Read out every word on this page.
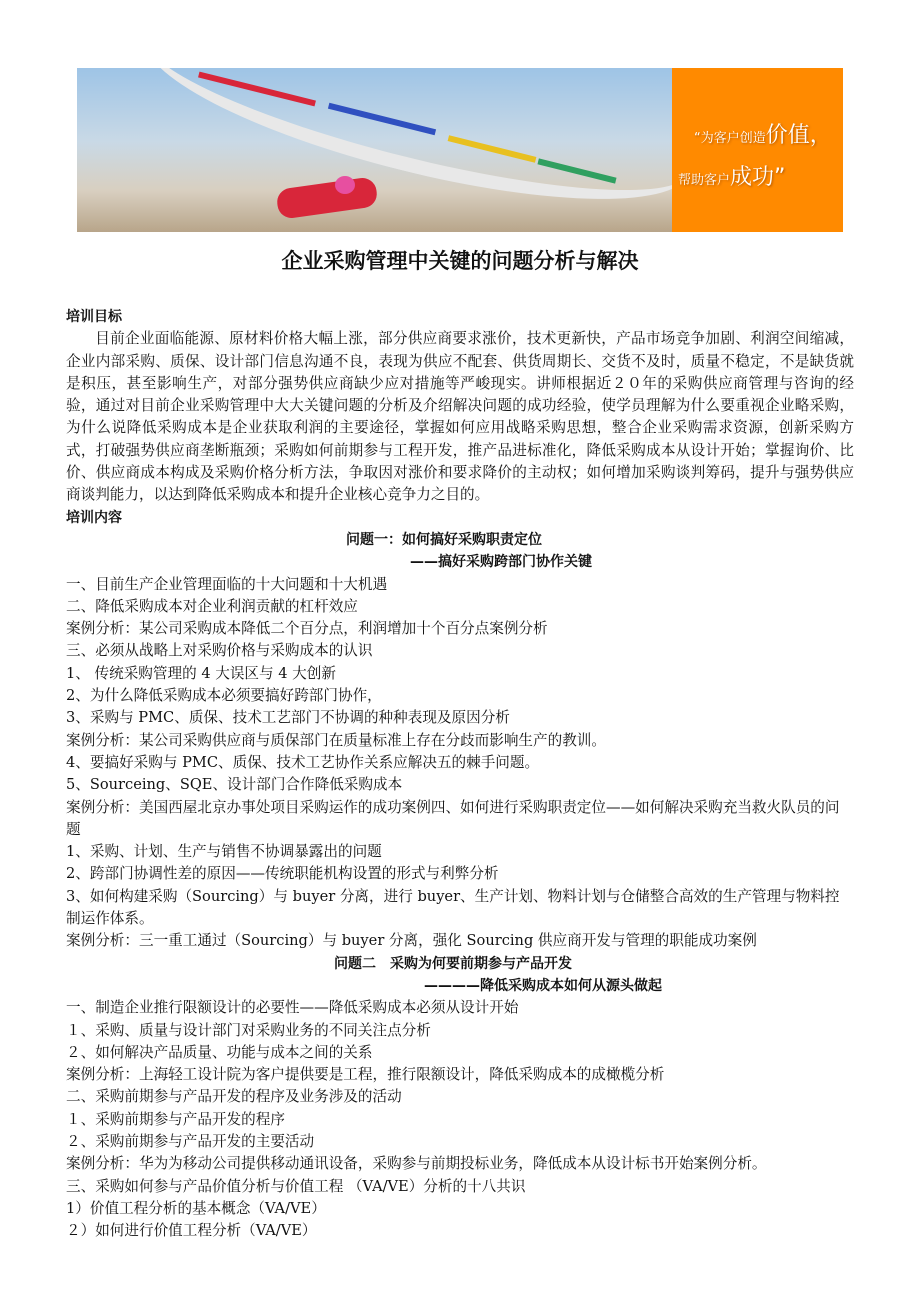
“为客户创造价值，
帮助客户成功”
企业采购管理中关键的问题分析与解决

培训目标

目前企业面临能源、原材料价格大幅上涨，部分供应商要求涨价，技术更新快，产品市场竞争加剧、利润空间缩减，企业内部采购、质保、设计部门信息沟通不良，表现为供应不配套、供货周期长、交货不及时，质量不稳定，不是缺货就是积压，甚至影响生产，对部分强势供应商缺少应对措施等严峻现实。讲师根据近２０年的采购供应商管理与咨询的经验，通过对目前企业采购管理中大大关键问题的分析及介绍解决问题的成功经验，使学员理解为什么要重视企业略采购，为什么说降低采购成本是企业获取利润的主要途径，掌握如何应用战略采购思想，整合企业采购需求资源，创新采购方式，打破强势供应商垄断瓶颈；采购如何前期参与工程开发，推产品进标准化，降低采购成本从设计开始；掌握询价、比价、供应商成本构成及采购价格分析方法，争取因对涨价和要求降价的主动权；如何增加采购谈判筹码，提升与强势供应商谈判能力，以达到降低采购成本和提升企业核心竞争力之目的。

培训内容

问题一：如何搞好采购职责定位

——搞好采购跨部门协作关键

一、目前生产企业管理面临的十大问题和十大机遇

二、降低采购成本对企业利润贡献的杠杆效应

案例分析：某公司采购成本降低二个百分点，利润增加十个百分点案例分析

三、必须从战略上对采购价格与采购成本的认识

1、 传统采购管理的 4 大误区与 4 大创新

2、为什么降低采购成本必须要搞好跨部门协作，

3、采购与 PMC、质保、技术工艺部门不协调的种种表现及原因分析

案例分析：某公司采购供应商与质保部门在质量标准上存在分歧而影响生产的教训。

4、要搞好采购与 PMC、质保、技术工艺协作关系应解决五的棘手问题。

5、Sourceing、SQE、设计部门合作降低采购成本

案例分析：美国西屋北京办事处项目采购运作的成功案例四、如何进行采购职责定位——如何解决采购充当救火队员的问题

1、采购、计划、生产与销售不协调暴露出的问题

2、跨部门协调性差的原因——传统职能机构设置的形式与利弊分析

3、如何构建采购（Sourcing）与 buyer 分离，进行 buyer、生产计划、物料计划与仓储整合高效的生产管理与物料控制运作体系。

案例分析：三一重工通过（Sourcing）与 buyer 分离，强化 Sourcing 供应商开发与管理的职能成功案例

问题二　采购为何要前期参与产品开发

————降低采购成本如何从源头做起

一、制造企业推行限额设计的必要性——降低采购成本必须从设计开始

１、采购、质量与设计部门对采购业务的不同关注点分析

２、如何解决产品质量、功能与成本之间的关系

案例分析：上海轻工设计院为客户提供要是工程，推行限额设计，降低采购成本的成橄榄分析

二、采购前期参与产品开发的程序及业务涉及的活动

１、采购前期参与产品开发的程序

２、采购前期参与产品开发的主要活动

案例分析：华为为移动公司提供移动通讯设备，采购参与前期投标业务，降低成本从设计标书开始案例分析。

三、采购如何参与产品价值分析与价值工程 （VA/VE）分析的十八共识

1）价值工程分析的基本概念（VA/VE）

２）如何进行价值工程分析（VA/VE）
